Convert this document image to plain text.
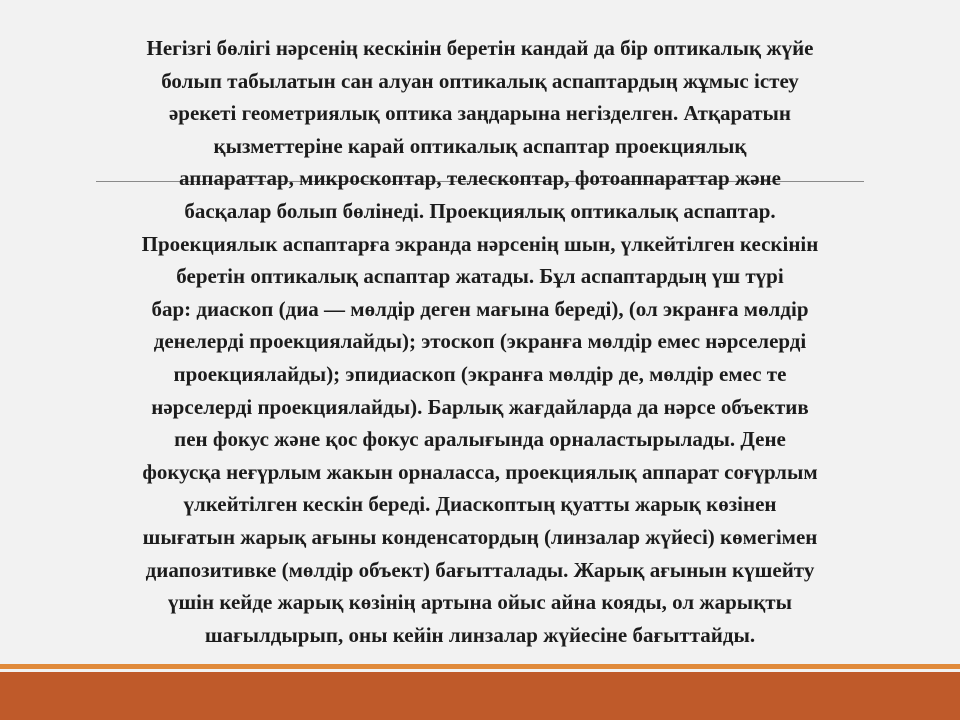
Негізгі бөлігі нәрсенің кескінін беретін кандай да бір оптикалық жүйе
болып табылатын сан алуан оптикалық аспаптардың жұмыс істеу
әрекеті геометриялық оптика заңдарына негізделген. Атқаратын
қызметтеріне карай оптикалық аспаптар проекциялық
аппараттар, микроскоптар, телескоптар, фотоаппараттар және
басқалар болып бөлінеді. Проекциялық оптикалық аспаптар.
Проекциялык аспаптарға экранда нәрсенің шын, үлкейтілген кескінін
беретін оптикалық аспаптар жатады. Бұл аспаптардың үш түрі
бар: диаскоп (диа — мөлдір деген мағына береді), (ол экранға мөлдір
денелерді проекциялайды); этоскоп (экранға мөлдір емес нәрселерді
проекциялайды); эпидиаскоп (экранға мөлдір де, мөлдір емес те
нәрселерді проекциялайды). Барлық жағдайларда да нәрсе объектив
пен фокус және қос фокус аралығында орналастырылады. Дене
фокусқа неғүрлым жакын орналасса, проекциялық аппарат соғүрлым
үлкейтілген кескін береді. Диаскоптың қуатты жарық көзінен
шығатын жарық ағыны конденсатордың (линзалар жүйесі) көмегімен
диапозитивке (мөлдір объект) бағытталады. Жарық ағынын күшейту
үшін кейде жарық көзінің артына ойыс айна кояды, ол жарықты
шағылдырып, оны кейін линзалар жүйесіне бағыттайды.
